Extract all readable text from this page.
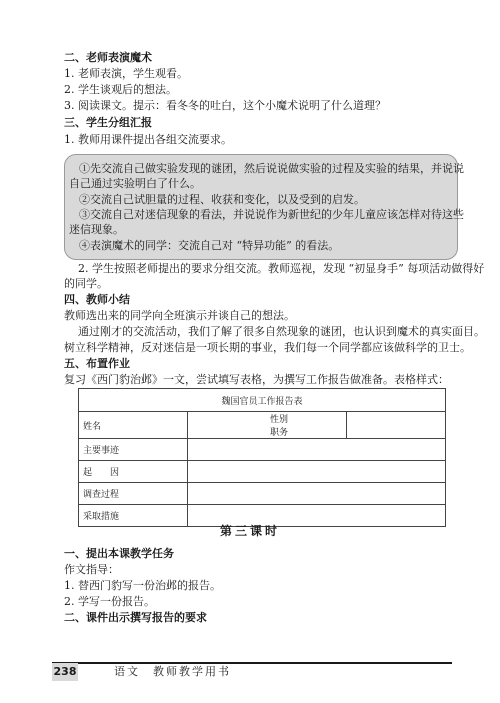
二、老师表演魔术
1. 老师表演，学生观看。
2. 学生谈观后的想法。
3. 阅读课文。提示：看冬冬的吐白，这个小魔术说明了什么道理？
三、学生分组汇报
1. 教师用课件提出各组交流要求。
①先交流自己做实验发现的谜团，然后说说做实验的过程及实验的结果，并说说
自己通过实验明白了什么。
②交流自己试胆量的过程、收获和变化，以及受到的启发。
③交流自己对迷信现象的看法，并说说作为新世纪的少年儿童应该怎样对待这些
迷信现象。
④表演魔术的同学：交流自己对 “特异功能” 的看法。
2. 学生按照老师提出的要求分组交流。教师巡视，发现 “初显身手” 每项活动做得好
的同学。
四、教师小结
教师选出来的同学向全班演示并谈自己的想法。
通过刚才的交流活动，我们了解了很多自然现象的谜团，也认识到魔术的真实面目。
树立科学精神，反对迷信是一项长期的事业，我们每一个同学都应该做科学的卫士。
五、布置作业
复习《西门豹治邺》一文，尝试填写表格，为撰写工作报告做准备。表格样式：
魏国官员工作报告表			
姓名		性别  职务	
主要事迹			
起　　因			
调查过程			
采取措施			
第三课时
一、提出本课教学任务
作文指导：
1. 替西门豹写一份治邺的报告。
2. 学写一份报告。
二、课件出示撰写报告的要求
238	语文　教师教学用书
